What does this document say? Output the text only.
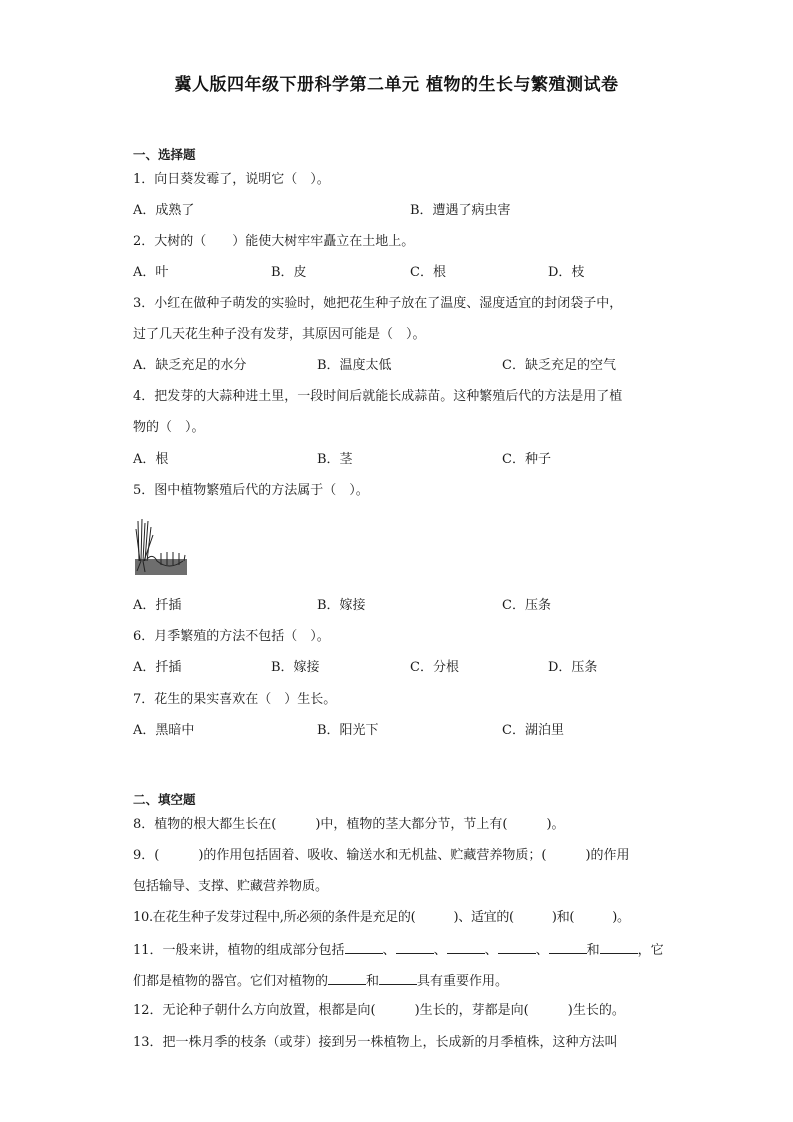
冀人版四年级下册科学第二单元 植物的生长与繁殖测试卷
一、选择题
1．向日葵发霉了，说明它（　）。
A．成熟了	B．遭遇了病虫害
2．大树的（　　）能使大树牢牢矗立在土地上。
A．叶	B．皮	C．根	D．枝
3．小红在做种子萌发的实验时，她把花生种子放在了温度、湿度适宜的封闭袋子中，
过了几天花生种子没有发芽，其原因可能是（　）。
A．缺乏充足的水分	B．温度太低	C．缺乏充足的空气
4．把发芽的大蒜种进土里，一段时间后就能长成蒜苗。这种繁殖后代的方法是用了植
物的（　）。
A．根	B．茎	C．种子
5．图中植物繁殖后代的方法属于（　）。
A．扦插	B．嫁接	C．压条
6．月季繁殖的方法不包括（　）。
A．扦插	B．嫁接	C．分根	D．压条
7．花生的果实喜欢在（　）生长。
A．黑暗中	B．阳光下	C．湖泊里
二、填空题
8．植物的根大都生长在(　　　)中，植物的茎大都分节，节上有(　　　)。
9．(　　　)的作用包括固着、吸收、输送水和无机盐、贮藏营养物质；(　　　)的作用
包括输导、支撑、贮藏营养物质。
10.在花生种子发芽过程中,所必须的条件是充足的(　　　)、适宜的(　　　)和(　　　)。
11．一般来讲，植物的组成部分包括	、	、	、	、	和	，它
们都是植物的器官。它们对植物的	和	具有重要作用。
12．无论种子朝什么方向放置，根都是向(　　　)生长的，芽都是向(　　　)生长的。
13．把一株月季的枝条（或芽）接到另一株植物上，长成新的月季植株，这种方法叫
